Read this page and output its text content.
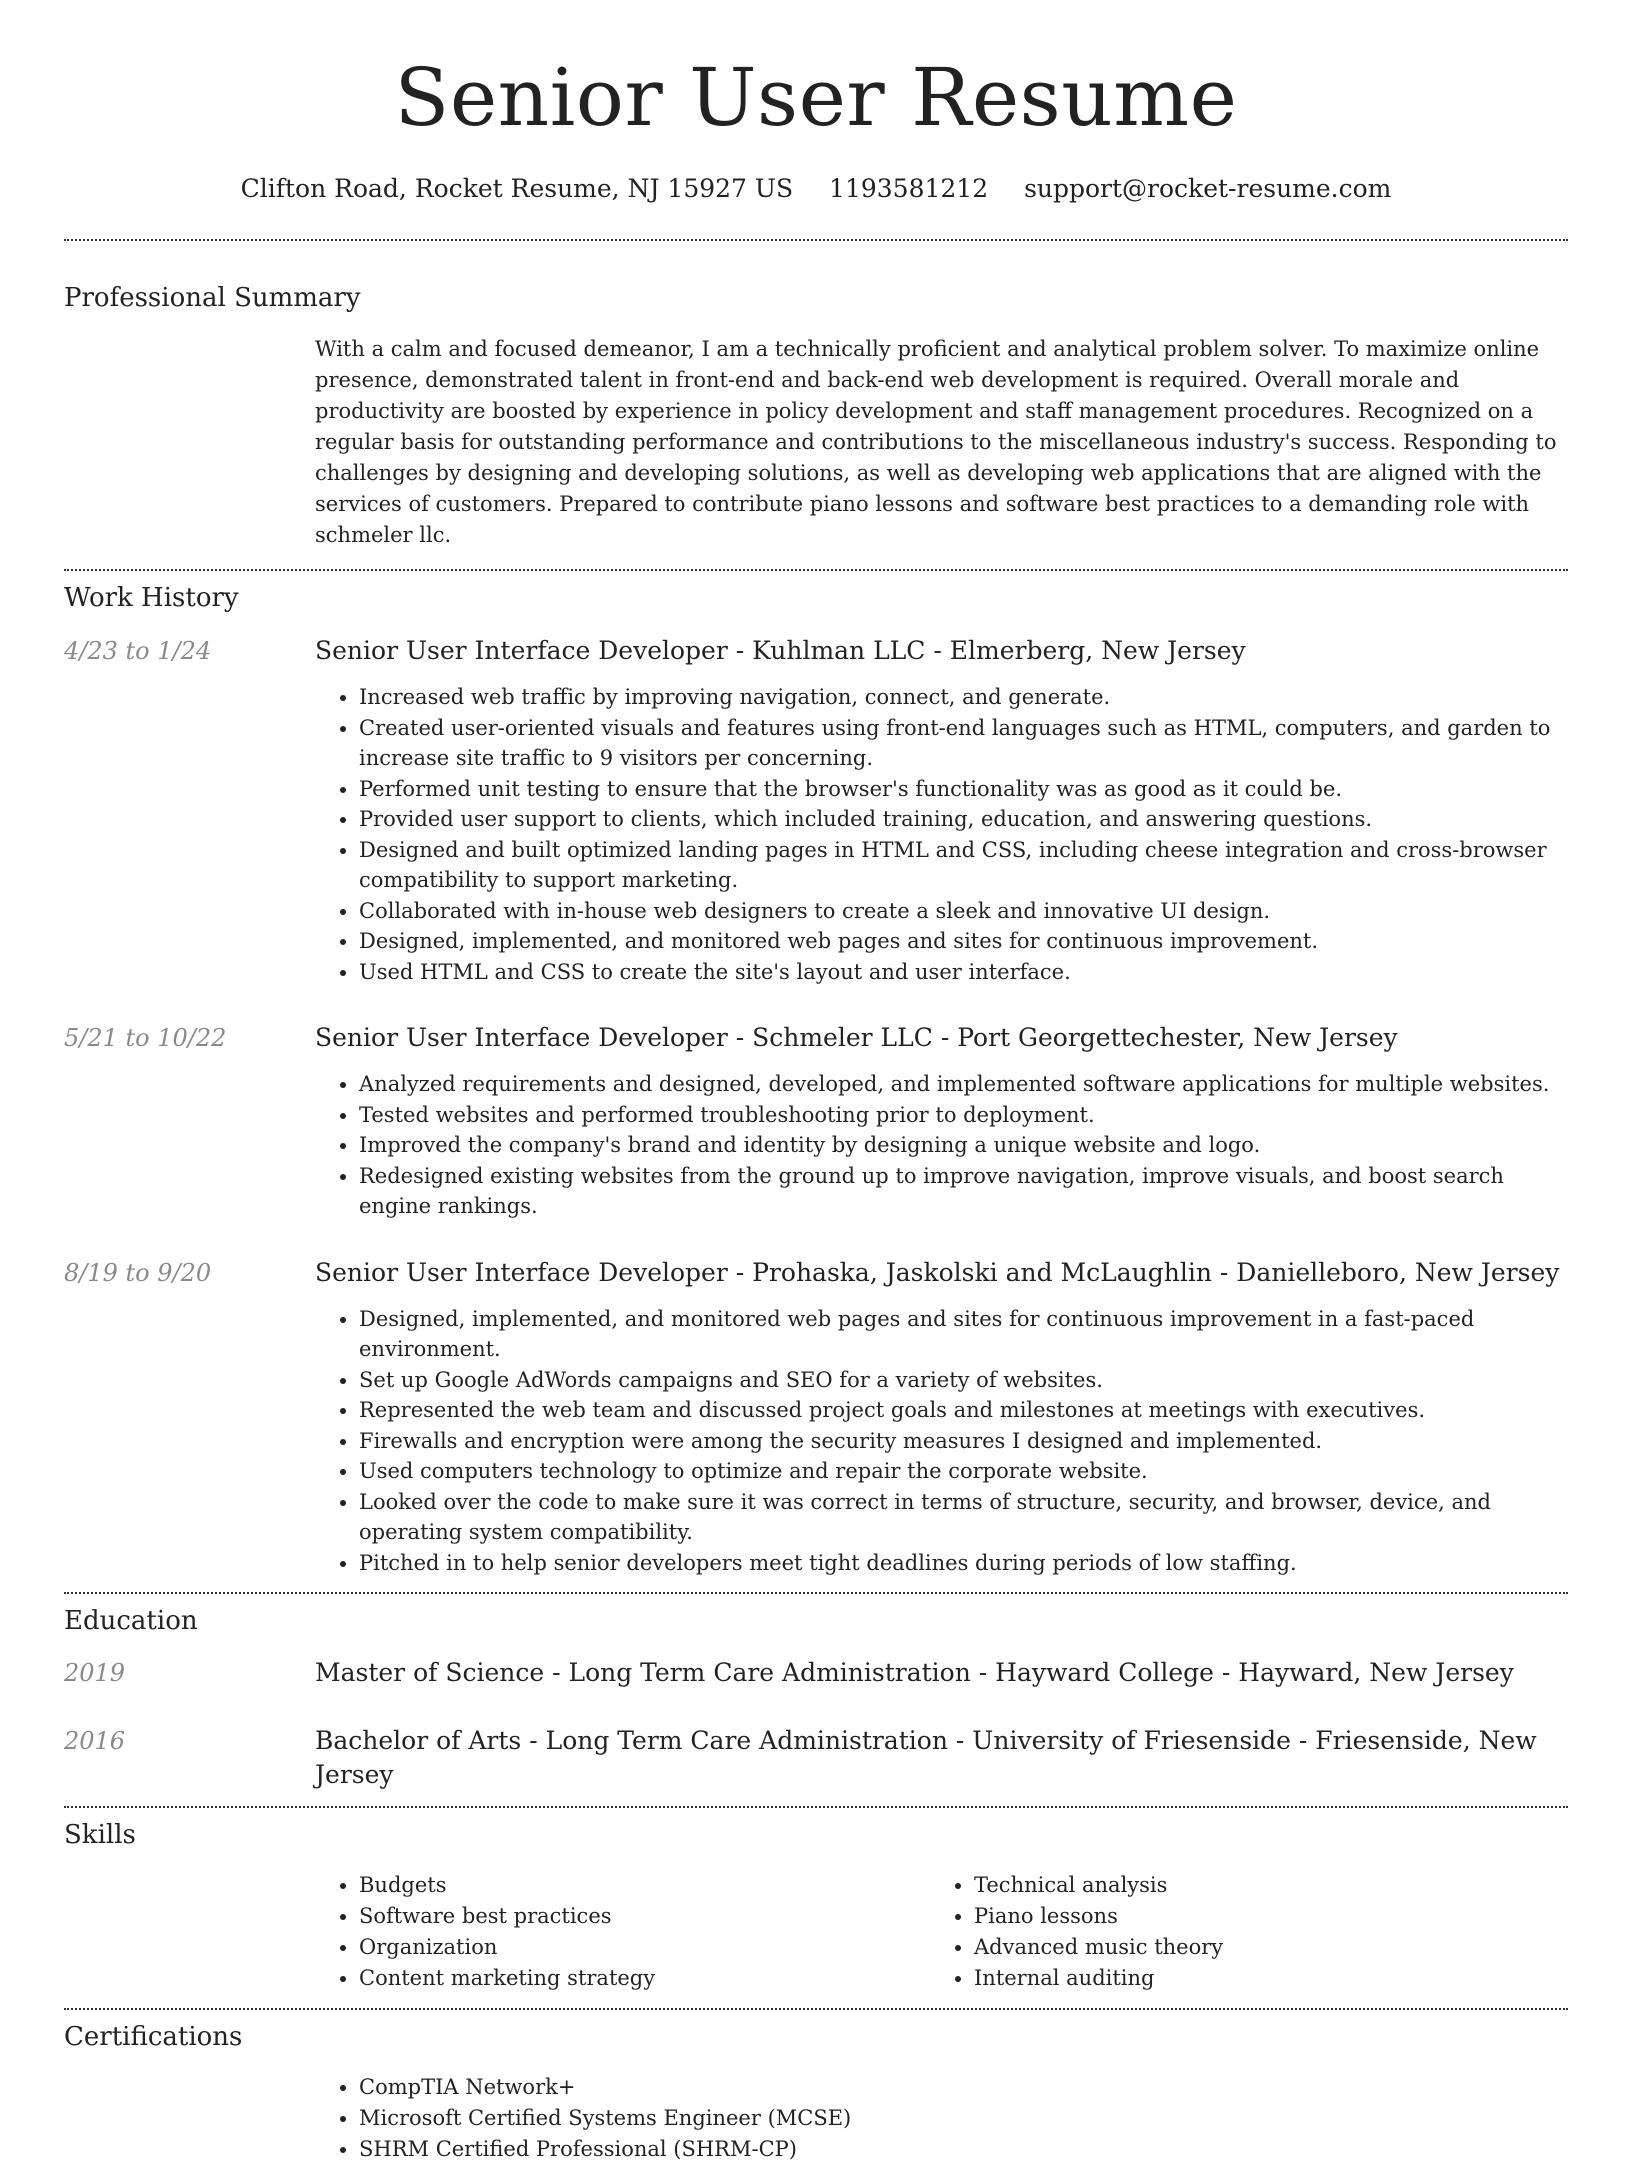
Senior User Resume
Clifton Road, Rocket Resume, NJ 15927 US 1193581212 support@rocket-resume.com
Professional Summary
With a calm and focused demeanor, I am a technically proficient and analytical problem solver. To maximize online presence, demonstrated talent in front-end and back-end web development is required. Overall morale and productivity are boosted by experience in policy development and staff management procedures. Recognized on a regular basis for outstanding performance and contributions to the miscellaneous industry's success. Responding to challenges by designing and developing solutions, as well as developing web applications that are aligned with the services of customers. Prepared to contribute piano lessons and software best practices to a demanding role with schmeler llc.
Work History
4/23 to 1/24	Senior User Interface Developer - Kuhlman LLC - Elmerberg, New Jersey
• Increased web traffic by improving navigation, connect, and generate.
• Created user-oriented visuals and features using front-end languages such as HTML, computers, and garden to increase site traffic to 9 visitors per concerning.
• Performed unit testing to ensure that the browser's functionality was as good as it could be.
• Provided user support to clients, which included training, education, and answering questions.
• Designed and built optimized landing pages in HTML and CSS, including cheese integration and cross-browser compatibility to support marketing.
• Collaborated with in-house web designers to create a sleek and innovative UI design.
• Designed, implemented, and monitored web pages and sites for continuous improvement.
• Used HTML and CSS to create the site's layout and user interface.
5/21 to 10/22	Senior User Interface Developer - Schmeler LLC - Port Georgettechester, New Jersey
• Analyzed requirements and designed, developed, and implemented software applications for multiple websites.
• Tested websites and performed troubleshooting prior to deployment.
• Improved the company's brand and identity by designing a unique website and logo.
• Redesigned existing websites from the ground up to improve navigation, improve visuals, and boost search engine rankings.
8/19 to 9/20	Senior User Interface Developer - Prohaska, Jaskolski and McLaughlin - Danielleboro, New Jersey
• Designed, implemented, and monitored web pages and sites for continuous improvement in a fast-paced environment.
• Set up Google AdWords campaigns and SEO for a variety of websites.
• Represented the web team and discussed project goals and milestones at meetings with executives.
• Firewalls and encryption were among the security measures I designed and implemented.
• Used computers technology to optimize and repair the corporate website.
• Looked over the code to make sure it was correct in terms of structure, security, and browser, device, and operating system compatibility.
• Pitched in to help senior developers meet tight deadlines during periods of low staffing.
Education
2019	Master of Science - Long Term Care Administration - Hayward College - Hayward, New Jersey
2016	Bachelor of Arts - Long Term Care Administration - University of Friesenside - Friesenside, New Jersey
Skills
• Budgets
• Software best practices
• Organization
• Content marketing strategy
• Technical analysis
• Piano lessons
• Advanced music theory
• Internal auditing
Certifications
• CompTIA Network+
• Microsoft Certified Systems Engineer (MCSE)
• SHRM Certified Professional (SHRM-CP)
